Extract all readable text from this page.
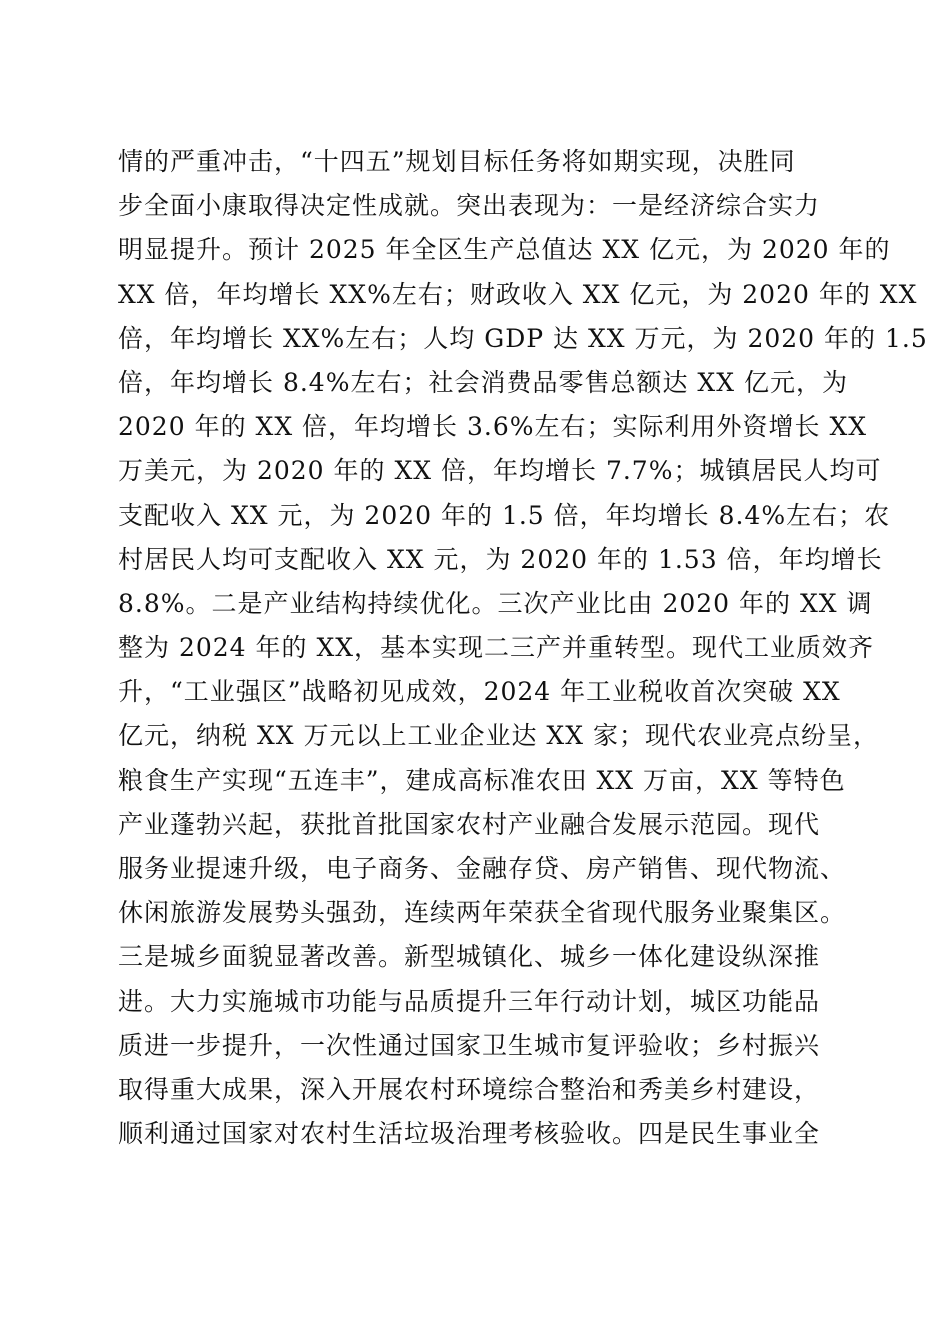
情的严重冲击，“十四五”规划目标任务将如期实现，决胜同
步全面小康取得决定性成就。突出表现为：一是经济综合实力
明显提升。预计 2025 年全区生产总值达 XX 亿元，为 2020 年的
XX 倍，年均增长 XX%左右；财政收入 XX 亿元，为 2020 年的 XX
倍，年均增长 XX%左右；人均 GDP 达 XX 万元，为 2020 年的 1.5
倍，年均增长 8.4%左右；社会消费品零售总额达 XX 亿元，为
2020 年的 XX 倍，年均增长 3.6%左右；实际利用外资增长 XX
万美元，为 2020 年的 XX 倍，年均增长 7.7%；城镇居民人均可
支配收入 XX 元，为 2020 年的 1.5 倍，年均增长 8.4%左右；农
村居民人均可支配收入 XX 元，为 2020 年的 1.53 倍，年均增长
8.8%。二是产业结构持续优化。三次产业比由 2020 年的 XX 调
整为 2024 年的 XX，基本实现二三产并重转型。现代工业质效齐
升，“工业强区”战略初见成效，2024 年工业税收首次突破 XX
亿元，纳税 XX 万元以上工业企业达 XX 家；现代农业亮点纷呈，
粮食生产实现“五连丰”，建成高标准农田 XX 万亩，XX 等特色
产业蓬勃兴起，获批首批国家农村产业融合发展示范园。现代
服务业提速升级，电子商务、金融存贷、房产销售、现代物流、
休闲旅游发展势头强劲，连续两年荣获全省现代服务业聚集区。
三是城乡面貌显著改善。新型城镇化、城乡一体化建设纵深推
进。大力实施城市功能与品质提升三年行动计划，城区功能品
质进一步提升，一次性通过国家卫生城市复评验收；乡村振兴
取得重大成果，深入开展农村环境综合整治和秀美乡村建设，
顺利通过国家对农村生活垃圾治理考核验收。四是民生事业全
